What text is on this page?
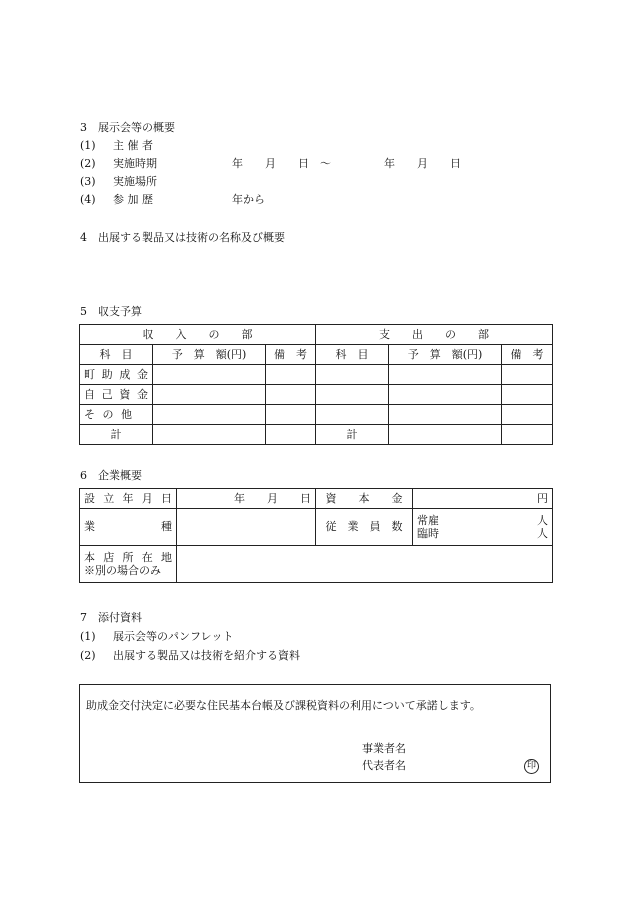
3　展示会等の概要
(1)　 主 催 者
(2)　 実施時期	年　　月　　日　～	年　　月　　日
(3)　 実施場所
(4)　 参 加 歴	年から
4　出展する製品又は技術の名称及び概要
5　収支予算
収　　入　　の　　部			支　　出　　の　　部		
科　目	予　算　額(円)	備　考	科　目	予　算　額(円)	備　考
町助成金					
自己資金					
そ の 他					
計			計		
6　企業概要
設立年月日	年　　月　　日	資　　本　　金	円
業　　　種		従　業　員　数	常雇 人
臨時 人

本店所在地
※別の場合のみ			

7　添付資料
(1)　 展示会等のパンフレット
(2)　 出展する製品又は技術を紹介する資料
助成金交付決定に必要な住民基本台帳及び課税資料の利用について承諾します。
事業者名
代表者名	印
